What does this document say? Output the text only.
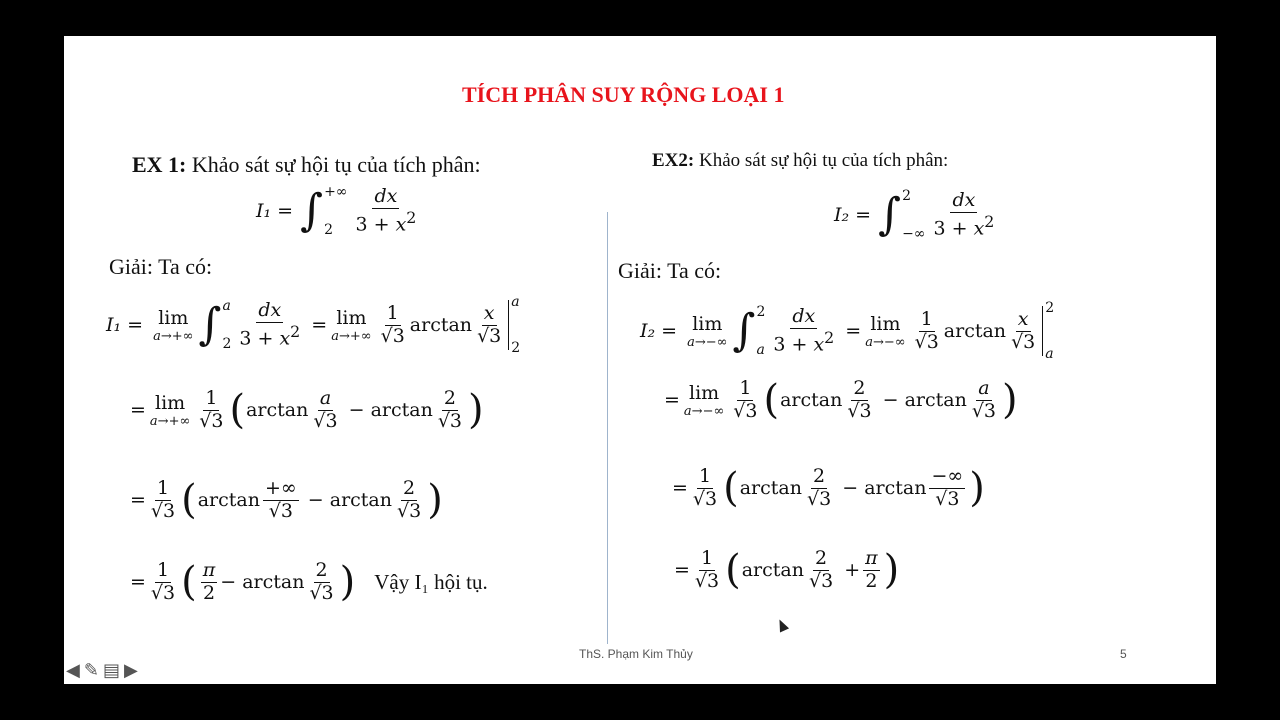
TÍCH PHÂN SUY RỘNG LOẠI 1
EX 1: Khảo sát sự hội tụ của tích phân:
I₁ = ∫ +∞
2	$\frac{dx}{3 + x^2}$
Giải: Ta có:
I₁ = lim
a→+∞ ∫ a
$2 \frac{dx}{3 + x^2} = \lim$
$a\to+\infty \frac{1}{√3}$ $\arctan \frac{x}{√3}$
a
2
= lim
$a\to+\infty \frac{1}{√3}$ ( $\arctan \frac{a}{√3} - \arctan \frac{2}{√3}$ )
= $\frac{1}{√3}$ ( $\arctan \frac{+\infty}{√3} - \arctan \frac{2}{√3}$ )
= $\frac{1}{√3}$ ( $\frac{\pi}{2} - \arctan \frac{2}{√3}$ ) Vậy I₁ hội tụ.
EX2: Khảo sát sự hội tụ của tích phân:
I₂ = ∫ 2
−∞ $\frac{dx}{3 + x^2}$
Giải: Ta có:
I₂ = lim
a→−∞ ∫ 2
a $\frac{dx}{3 + x^2} = \lim$
$a\to-\infty \frac{1}{√3}$ $\arctan \frac{x}{√3}$
2
a
= lim
$a\to-\infty \frac{1}{√3}$ ( $\arctan \frac{2}{√3} - \arctan \frac{a}{√3}$ )
= $\frac{1}{√3}$ ( $\arctan \frac{2}{√3} - \arctan \frac{-\infty}{√3}$ )
= $\frac{1}{√3}$ ( $\arctan \frac{2}{√3} + \frac{\pi}{2}$ )
ThS. Phạm Kim Thủy	5
◀ ✎ ▤ ▶
